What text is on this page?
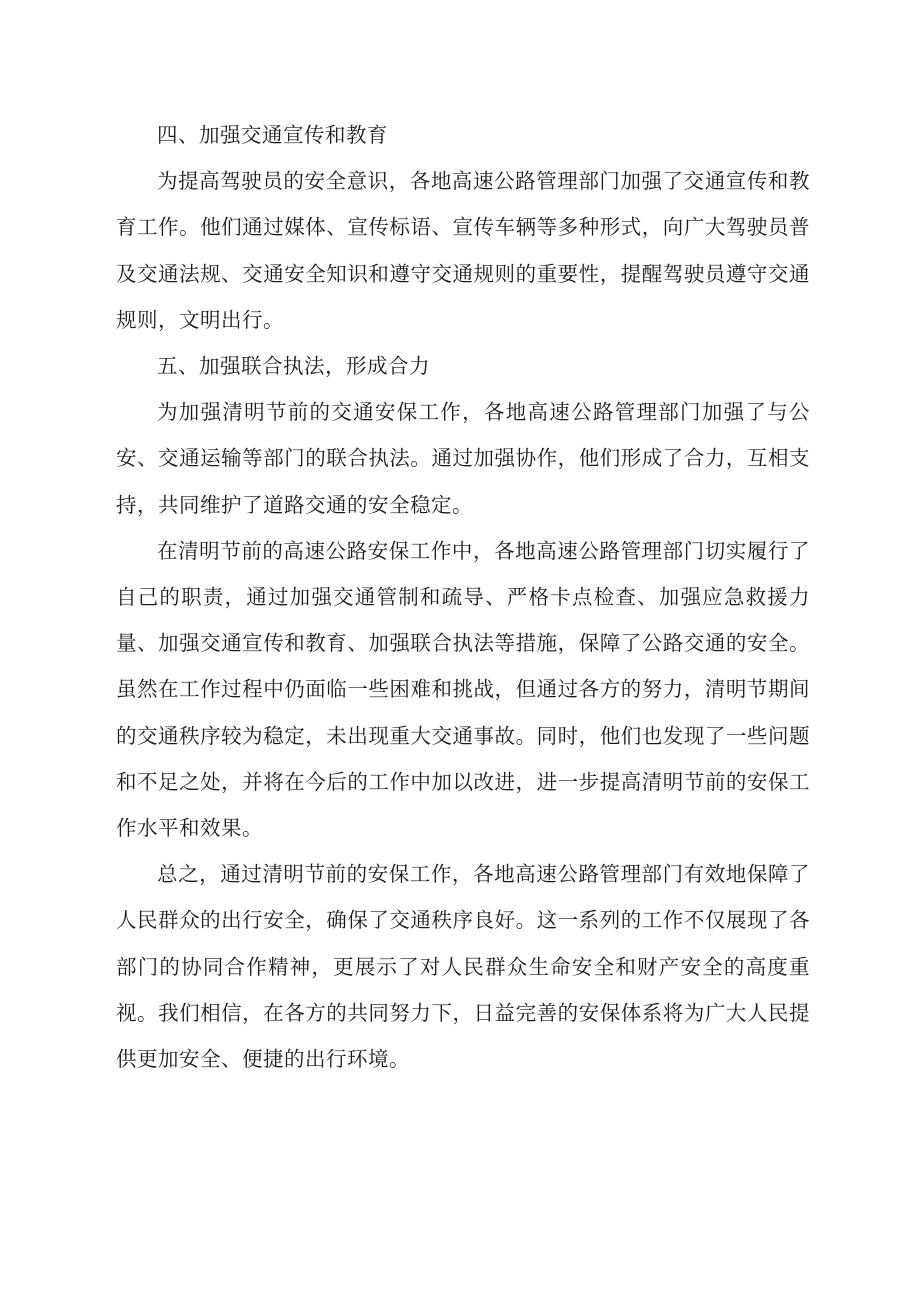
四、加强交通宣传和教育

为提高驾驶员的安全意识，各地高速公路管理部门加强了交通宣传和教育工作。他们通过媒体、宣传标语、宣传车辆等多种形式，向广大驾驶员普及交通法规、交通安全知识和遵守交通规则的重要性，提醒驾驶员遵守交通规则，文明出行。

五、加强联合执法，形成合力

为加强清明节前的交通安保工作，各地高速公路管理部门加强了与公安、交通运输等部门的联合执法。通过加强协作，他们形成了合力，互相支持，共同维护了道路交通的安全稳定。

在清明节前的高速公路安保工作中，各地高速公路管理部门切实履行了自己的职责，通过加强交通管制和疏导、严格卡点检查、加强应急救援力量、加强交通宣传和教育、加强联合执法等措施，保障了公路交通的安全。虽然在工作过程中仍面临一些困难和挑战，但通过各方的努力，清明节期间的交通秩序较为稳定，未出现重大交通事故。同时，他们也发现了一些问题和不足之处，并将在今后的工作中加以改进，进一步提高清明节前的安保工作水平和效果。

总之，通过清明节前的安保工作，各地高速公路管理部门有效地保障了人民群众的出行安全，确保了交通秩序良好。这一系列的工作不仅展现了各部门的协同合作精神，更展示了对人民群众生命安全和财产安全的高度重视。我们相信，在各方的共同努力下，日益完善的安保体系将为广大人民提供更加安全、便捷的出行环境。
